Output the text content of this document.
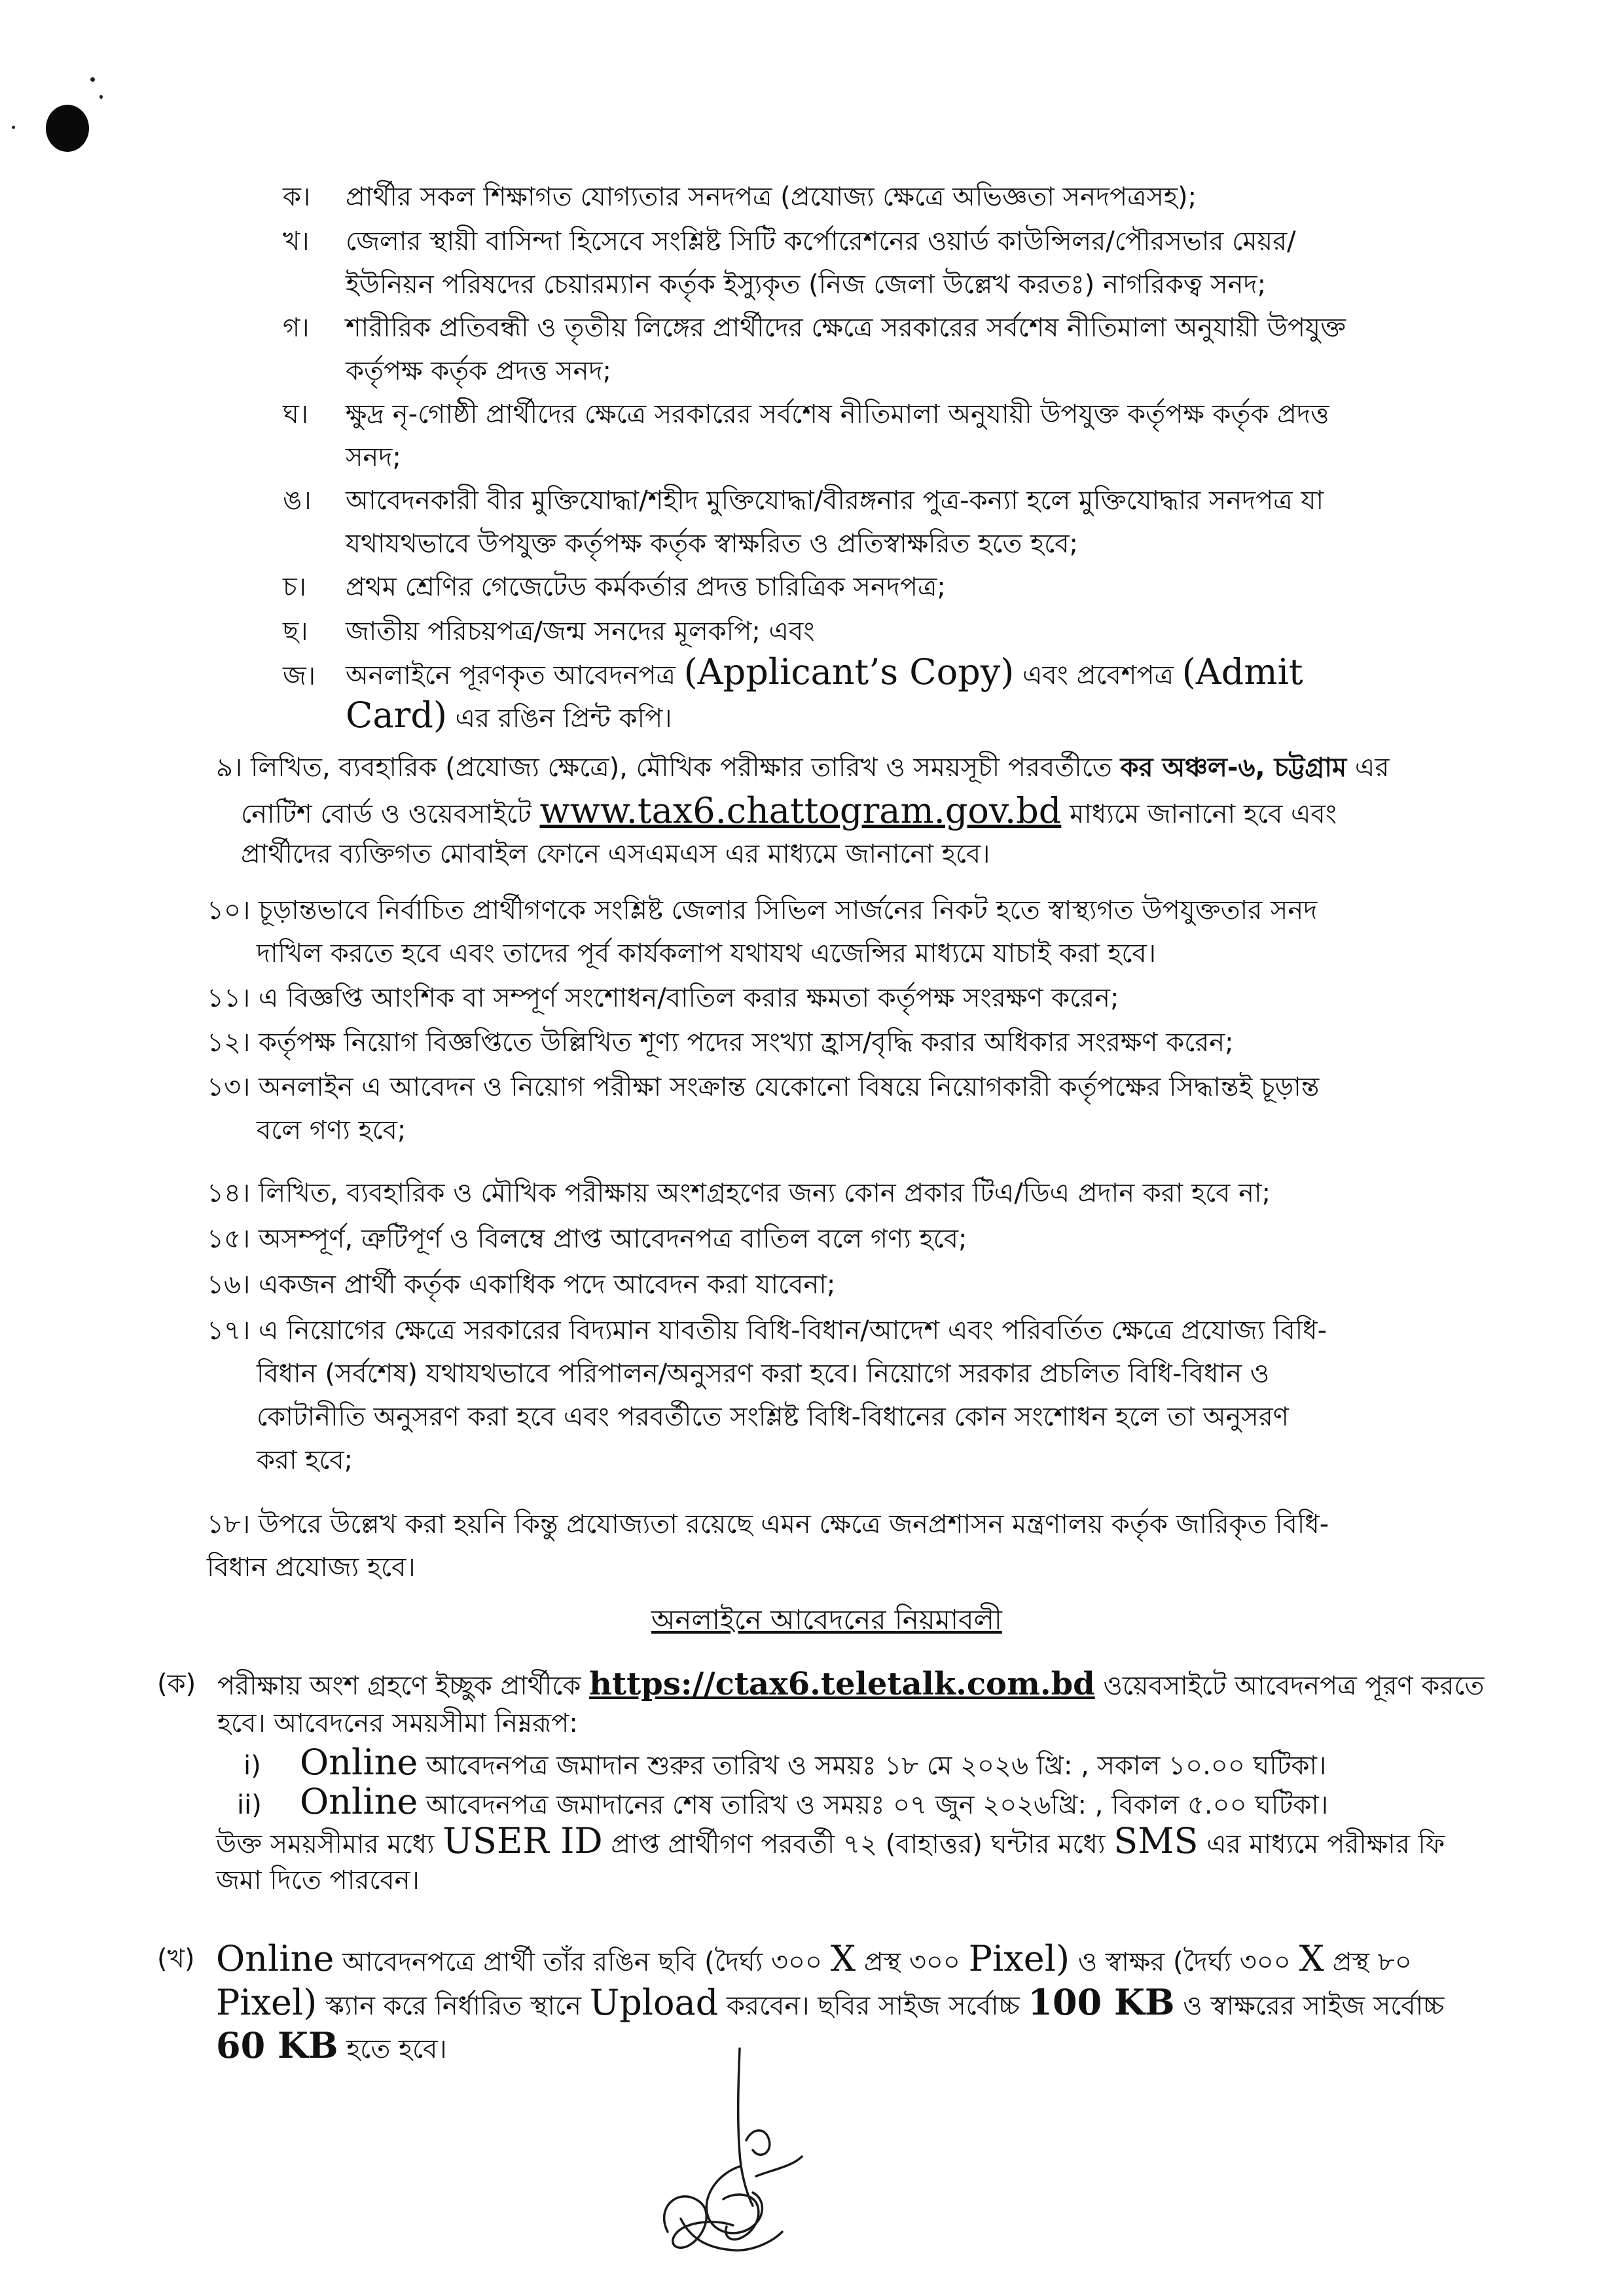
ক। প্রার্থীর সকল শিক্ষাগত যোগ্যতার সনদপত্র (প্রযোজ্য ক্ষেত্রে অভিজ্ঞতা সনদপত্রসহ);
খ। জেলার স্থায়ী বাসিন্দা হিসেবে সংশ্লিষ্ট সিটি কর্পোরেশনের ওয়ার্ড কাউন্সিলর/পৌরসভার মেয়র/
ইউনিয়ন পরিষদের চেয়ারম্যান কর্তৃক ইস্যুকৃত (নিজ জেলা উল্লেখ করতঃ) নাগরিকত্ব সনদ;
গ। শারীরিক প্রতিবন্ধী ও তৃতীয় লিঙ্গের প্রার্থীদের ক্ষেত্রে সরকারের সর্বশেষ নীতিমালা অনুযায়ী উপযুক্ত
কর্তৃপক্ষ কর্তৃক প্রদত্ত সনদ;
ঘ। ক্ষুদ্র নৃ-গোষ্ঠী প্রার্থীদের ক্ষেত্রে সরকারের সর্বশেষ নীতিমালা অনুযায়ী উপযুক্ত কর্তৃপক্ষ কর্তৃক প্রদত্ত
সনদ;
ঙ। আবেদনকারী বীর মুক্তিযোদ্ধা/শহীদ মুক্তিযোদ্ধা/বীরঙ্গনার পুত্র-কন্যা হলে মুক্তিযোদ্ধার সনদপত্র যা
যথাযথভাবে উপযুক্ত কর্তৃপক্ষ কর্তৃক স্বাক্ষরিত ও প্রতিস্বাক্ষরিত হতে হবে;
চ। প্রথম শ্রেণির গেজেটেড কর্মকর্তার প্রদত্ত চারিত্রিক সনদপত্র;
ছ। জাতীয় পরিচয়পত্র/জন্ম সনদের মূলকপি; এবং
জ। অনলাইনে পূরণকৃত আবেদনপত্র (Applicant’s Copy) এবং প্রবেশপত্র (Admit
Card) এর রঙিন প্রিন্ট কপি।
৯। লিখিত, ব্যবহারিক (প্রযোজ্য ক্ষেত্রে), মৌখিক পরীক্ষার তারিখ ও সময়সূচী পরবর্তীতে কর অঞ্চল-৬, চট্টগ্রাম এর
নোটিশ বোর্ড ও ওয়েবসাইটে www.tax6.chattogram.gov.bd মাধ্যমে জানানো হবে এবং
প্রার্থীদের ব্যক্তিগত মোবাইল ফোনে এসএমএস এর মাধ্যমে জানানো হবে।
১০। চূড়ান্তভাবে নির্বাচিত প্রার্থীগণকে সংশ্লিষ্ট জেলার সিভিল সার্জনের নিকট হতে স্বাস্থ্যগত উপযুক্ততার সনদ
দাখিল করতে হবে এবং তাদের পূর্ব কার্যকলাপ যথাযথ এজেন্সির মাধ্যমে যাচাই করা হবে।
১১। এ বিজ্ঞপ্তি আংশিক বা সম্পূর্ণ সংশোধন/বাতিল করার ক্ষমতা কর্তৃপক্ষ সংরক্ষণ করেন;
১২। কর্তৃপক্ষ নিয়োগ বিজ্ঞপ্তিতে উল্লিখিত শূণ্য পদের সংখ্যা হ্রাস/বৃদ্ধি করার অধিকার সংরক্ষণ করেন;
১৩। অনলাইন এ আবেদন ও নিয়োগ পরীক্ষা সংক্রান্ত যেকোনো বিষয়ে নিয়োগকারী কর্তৃপক্ষের সিদ্ধান্তই চূড়ান্ত
বলে গণ্য হবে;
১৪। লিখিত, ব্যবহারিক ও মৌখিক পরীক্ষায় অংশগ্রহণের জন্য কোন প্রকার টিএ/ডিএ প্রদান করা হবে না;
১৫। অসম্পূর্ণ, ত্রুটিপূর্ণ ও বিলম্বে প্রাপ্ত আবেদনপত্র বাতিল বলে গণ্য হবে;
১৬। একজন প্রার্থী কর্তৃক একাধিক পদে আবেদন করা যাবেনা;
১৭। এ নিয়োগের ক্ষেত্রে সরকারের বিদ্যমান যাবতীয় বিধি-বিধান/আদেশ এবং পরিবর্তিত ক্ষেত্রে প্রযোজ্য বিধি-
বিধান (সর্বশেষ) যথাযথভাবে পরিপালন/অনুসরণ করা হবে। নিয়োগে সরকার প্রচলিত বিধি-বিধান ও
কোটানীতি অনুসরণ করা হবে এবং পরবর্তীতে সংশ্লিষ্ট বিধি-বিধানের কোন সংশোধন হলে তা অনুসরণ
করা হবে;
১৮। উপরে উল্লেখ করা হয়নি কিন্তু প্রযোজ্যতা রয়েছে এমন ক্ষেত্রে জনপ্রশাসন মন্ত্রণালয় কর্তৃক জারিকৃত বিধি-
বিধান প্রযোজ্য হবে।
অনলাইনে আবেদনের নিয়মাবলী
(ক) পরীক্ষায় অংশ গ্রহণে ইচ্ছুক প্রার্থীকে https://ctax6.teletalk.com.bd ওয়েবসাইটে আবেদনপত্র পূরণ করতে
হবে। আবেদনের সময়সীমা নিম্নরূপ:
i) Online আবেদনপত্র জমাদান শুরুর তারিখ ও সময়ঃ ১৮ মে ২০২৬ খ্রি: , সকাল ১০.০০ ঘটিকা।
ii) Online আবেদনপত্র জমাদানের শেষ তারিখ ও সময়ঃ ০৭ জুন ২০২৬খ্রি: , বিকাল ৫.০০ ঘটিকা।
উক্ত সময়সীমার মধ্যে USER ID প্রাপ্ত প্রার্থীগণ পরবর্তী ৭২ (বাহাত্তর) ঘন্টার মধ্যে SMS এর মাধ্যমে পরীক্ষার ফি
জমা দিতে পারবেন।
(খ) Online আবেদনপত্রে প্রার্থী তাঁর রঙিন ছবি (দৈর্ঘ্য ৩০০ X প্রস্থ ৩০০ Pixel) ও স্বাক্ষর (দৈর্ঘ্য ৩০০ X প্রস্থ ৮০
Pixel) স্ক্যান করে নির্ধারিত স্থানে Upload করবেন। ছবির সাইজ সর্বোচ্চ 100 KB ও স্বাক্ষরের সাইজ সর্বোচ্চ
60 KB হতে হবে।
